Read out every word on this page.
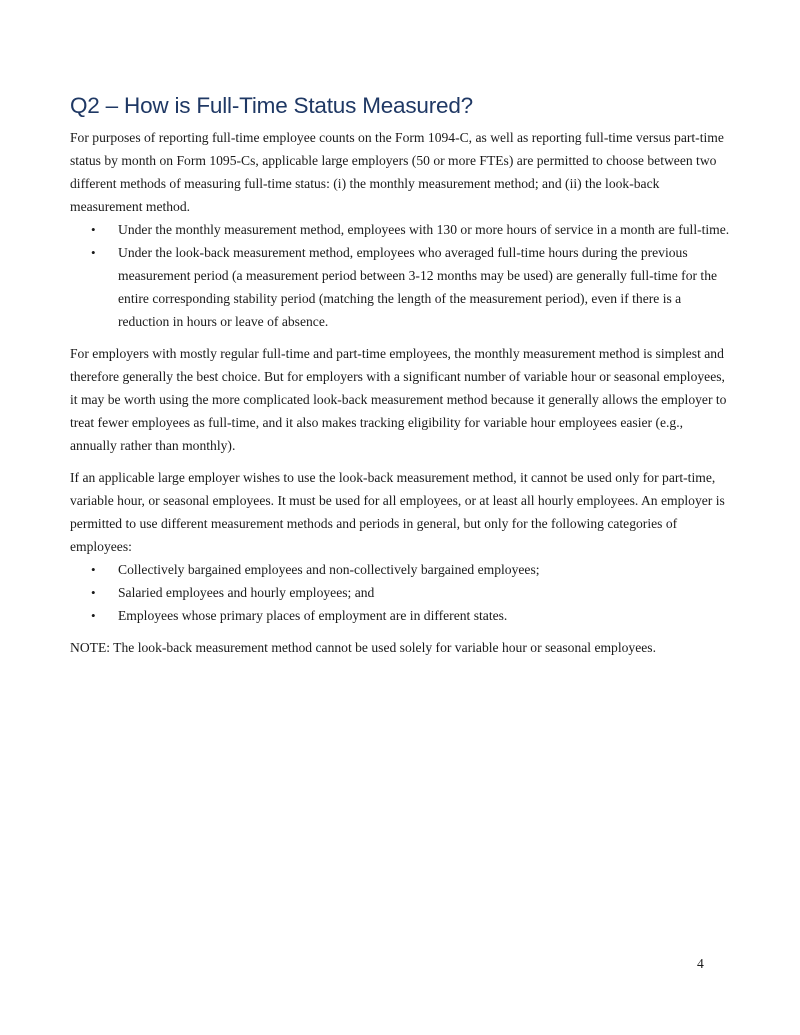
Q2 – How is Full-Time Status Measured?

For purposes of reporting full-time employee counts on the Form 1094-C, as well as reporting full-time versus part-time status by month on Form 1095-Cs, applicable large employers (50 or more FTEs) are permitted to choose between two different methods of measuring full-time status: (i) the monthly measurement method; and (ii) the look-back measurement method.

• Under the monthly measurement method, employees with 130 or more hours of service in a month are full-time.
• Under the look-back measurement method, employees who averaged full-time hours during the previous measurement period (a measurement period between 3-12 months may be used) are generally full-time for the entire corresponding stability period (matching the length of the measurement period), even if there is a reduction in hours or leave of absence.

For employers with mostly regular full-time and part-time employees, the monthly measurement method is simplest and therefore generally the best choice. But for employers with a significant number of variable hour or seasonal employees, it may be worth using the more complicated look-back measurement method because it generally allows the employer to treat fewer employees as full-time, and it also makes tracking eligibility for variable hour employees easier (e.g., annually rather than monthly).

If an applicable large employer wishes to use the look-back measurement method, it cannot be used only for part-time, variable hour, or seasonal employees. It must be used for all employees, or at least all hourly employees. An employer is permitted to use different measurement methods and periods in general, but only for the following categories of employees:

• Collectively bargained employees and non-collectively bargained employees;
• Salaried employees and hourly employees; and
• Employees whose primary places of employment are in different states.

NOTE: The look-back measurement method cannot be used solely for variable hour or seasonal employees.

4
